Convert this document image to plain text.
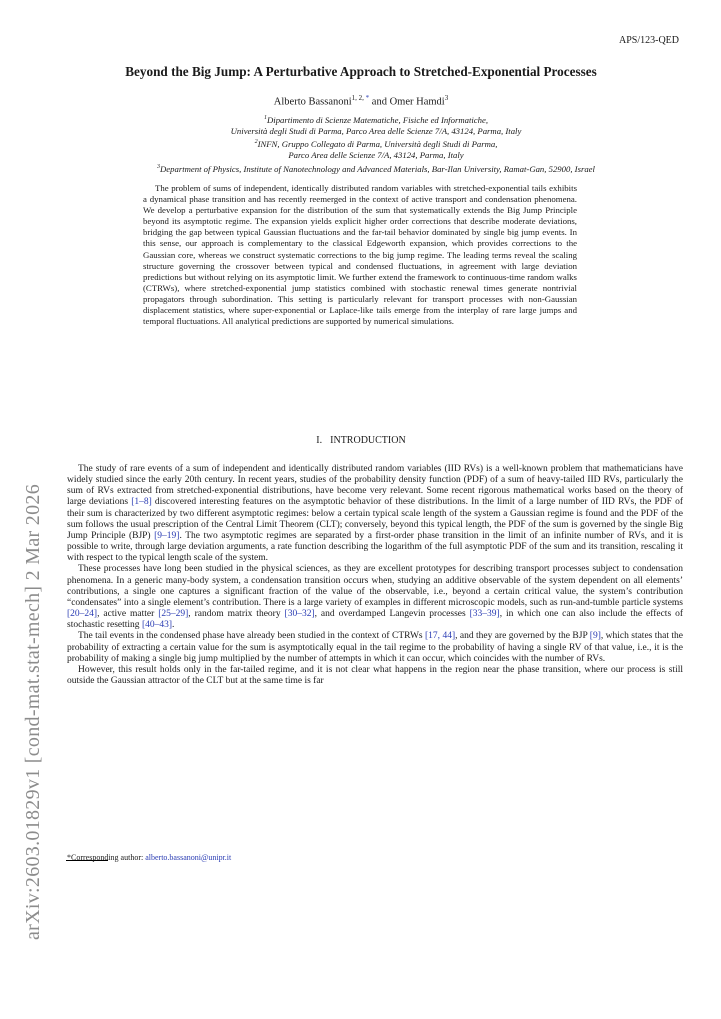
APS/123-QED
arXiv:2603.01829v1 [cond-mat.stat-mech] 2 Mar 2026
Beyond the Big Jump: A Perturbative Approach to Stretched-Exponential Processes
Alberto Bassanoni$^{1, 2, *}$ and Omer Hamdi$^3$
$^1$Dipartimento di Scienze Matematiche, Fisiche ed Informatiche,
Università degli Studi di Parma, Parco Area delle Scienze 7/A, 43124, Parma, Italy
$^2$INFN, Gruppo Collegato di Parma, Università degli Studi di Parma,
Parco Area delle Scienze 7/A, 43124, Parma, Italy
$^3$Department of Physics, Institute of Nanotechnology and Advanced Materials, Bar-Ilan University, Ramat-Gan, 52900, Israel
The problem of sums of independent, identically distributed random variables with stretched-exponential tails exhibits a dynamical phase transition and has recently reemerged in the context of active transport and condensation phenomena. We develop a perturbative expansion for the distribution of the sum that systematically extends the Big Jump Principle beyond its asymptotic regime. The expansion yields explicit higher order corrections that describe moderate deviations, bridging the gap between typical Gaussian fluctuations and the far-tail behavior dominated by single big jump events. In this sense, our approach is complementary to the classical Edgeworth expansion, which provides corrections to the Gaussian core, whereas we construct systematic corrections to the big jump regime. The leading terms reveal the scaling structure governing the crossover between typical and condensed fluctuations, in agreement with large deviation predictions but without relying on its asymptotic limit. We further extend the framework to continuous-time random walks (CTRWs), where stretched-exponential jump statistics combined with stochastic renewal times generate nontrivial propagators through subordination. This setting is particularly relevant for transport processes with non-Gaussian displacement statistics, where super-exponential or Laplace-like tails emerge from the interplay of rare large jumps and temporal fluctuations. All analytical predictions are supported by numerical simulations.
I. INTRODUCTION

The study of rare events of a sum of independent and identically distributed random variables (IID RVs) is a well-known problem that mathematicians have widely studied since the early 20th century. In recent years, studies of the probability density function (PDF) of a sum of heavy-tailed IID RVs, particularly the sum of RVs extracted from stretched-exponential distributions, have become very relevant. Some recent rigorous mathematical works based on the theory of large deviations [1–8] discovered interesting features on the asymptotic behavior of these distributions. In the limit of a large number of IID RVs, the PDF of their sum is characterized by two different asymptotic regimes: below a certain typical scale length of the system a Gaussian regime is found and the PDF of the sum follows the usual prescription of the Central Limit Theorem (CLT); conversely, beyond this typical length, the PDF of the sum is governed by the single Big Jump Principle (BJP) [9–19]. The two asymptotic regimes are separated by a first-order phase transition in the limit of an infinite number of RVs, and it is possible to write, through large deviation arguments, a rate function describing the logarithm of the full asymptotic PDF of the sum and its transition, rescaling it with respect to the typical length scale of the system.

These processes have long been studied in the physical sciences, as they are excellent prototypes for describing transport processes subject to condensation phenomena. In a generic many-body system, a condensation transition occurs when, studying an additive observable of the system dependent on all elements’ contributions, a single one captures a significant fraction of the value of the observable, i.e., beyond a certain critical value, the system’s contribution “condensates” into a single element’s contribution. There is a large variety of examples in different microscopic models, such as run-and-tumble particle systems [20–24], active matter [25–29], random matrix theory [30–32], and overdamped Langevin processes [33–39], in which one can also include the effects of stochastic resetting [40–43].

The tail events in the condensed phase have already been studied in the context of CTRWs [17, 44], and they are governed by the BJP [9], which states that the probability of extracting a certain value for the sum is asymptotically equal in the tail regime to the probability of having a single RV of that value, i.e., it is the probability of making a single big jump multiplied by the number of attempts in which it can occur, which coincides with the number of RVs.

However, this result holds only in the far-tailed regime, and it is not clear what happens in the region near the phase transition, where our process is still outside the Gaussian attractor of the CLT but at the same time is far

*Corresponding author: alberto.bassanoni@unipr.it
